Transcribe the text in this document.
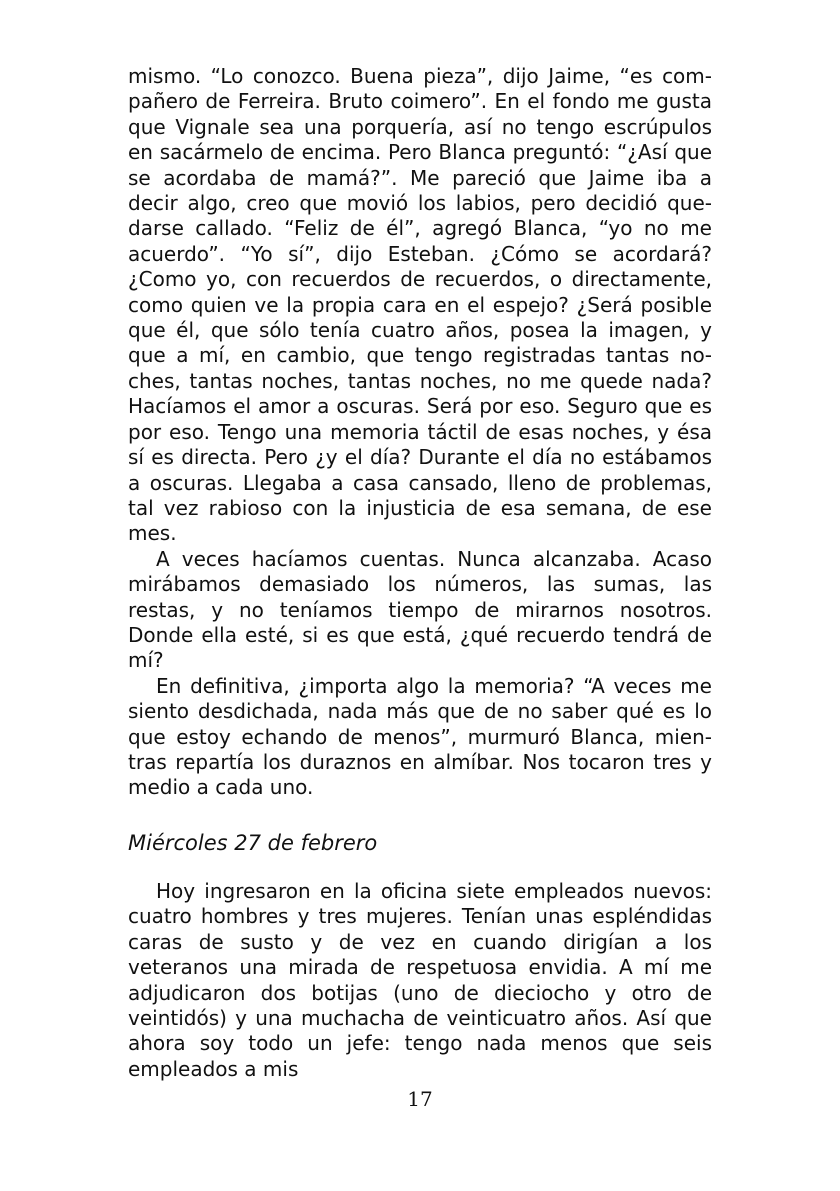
mismo. “Lo conozco. Buena pieza”, dijo Jaime, “es compañero de Ferreira. Bruto coimero”. En el fondo me gusta que Vignale sea una porquería, así no tengo escrúpulos en sacármelo de encima. Pero Blanca preguntó: “¿Así que se acordaba de mamá?”. Me pareció que Jaime iba a decir algo, creo que movió los labios, pero decidió quedarse callado. “Feliz de él”, agregó Blanca, “yo no me acuerdo”. “Yo sí”, dijo Esteban. ¿Cómo se acordará? ¿Como yo, con recuerdos de recuerdos, o directamente, como quien ve la propia cara en el espejo? ¿Será posible que él, que sólo tenía cuatro años, posea la imagen, y que a mí, en cambio, que tengo registradas tantas noches, tantas noches, tantas noches, no me quede nada? Hacíamos el amor a oscuras. Será por eso. Seguro que es por eso. Tengo una memoria táctil de esas noches, y ésa sí es directa. Pero ¿y el día? Durante el día no estábamos a oscuras. Llegaba a casa cansado, lleno de problemas, tal vez rabioso con la injusticia de esa semana, de ese mes.

A veces hacíamos cuentas. Nunca alcanzaba. Acaso mirábamos demasiado los números, las sumas, las restas, y no teníamos tiempo de mirarnos nosotros. Donde ella esté, si es que está, ¿qué recuerdo tendrá de mí?

En definitiva, ¿importa algo la memoria? “A veces me siento desdichada, nada más que de no saber qué es lo que estoy echando de menos”, murmuró Blanca, mientras repartía los duraznos en almíbar. Nos tocaron tres y medio a cada uno.

Miércoles 27 de febrero

Hoy ingresaron en la oficina siete empleados nuevos: cuatro hombres y tres mujeres. Tenían unas espléndidas caras de susto y de vez en cuando dirigían a los veteranos una mirada de respetuosa envidia. A mí me adjudicaron dos botijas (uno de dieciocho y otro de veintidós) y una muchacha de veinticuatro años. Así que ahora soy todo un jefe: tengo nada menos que seis empleados a mis

17
